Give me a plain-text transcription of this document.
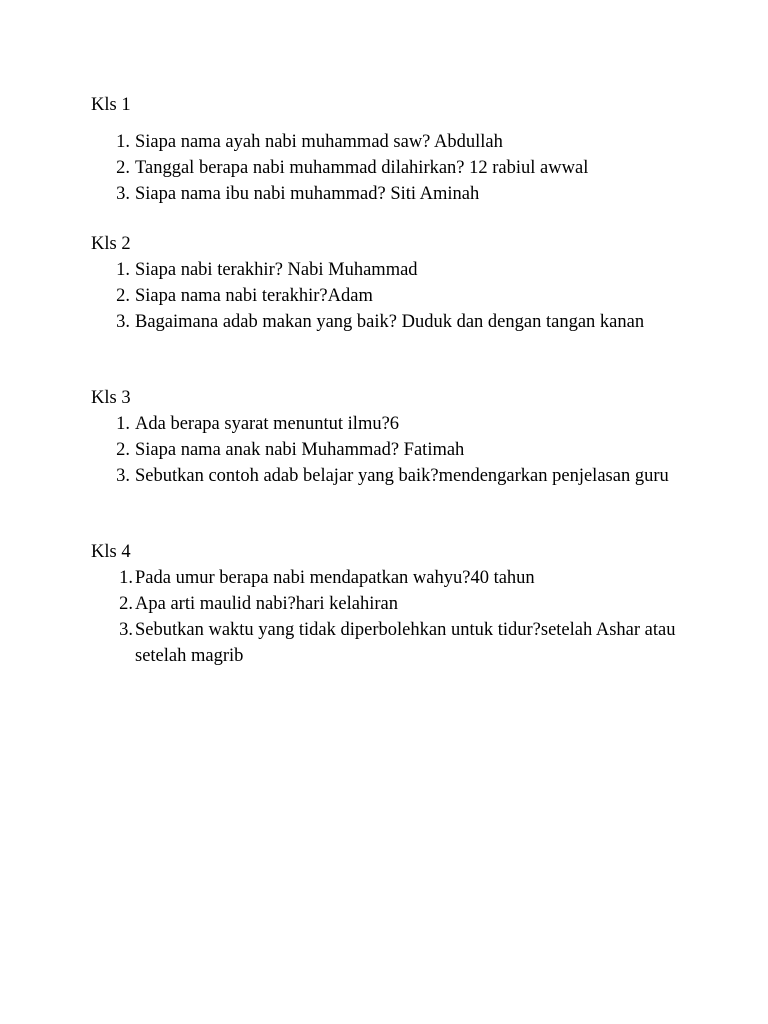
Kls 1
1. Siapa nama ayah nabi muhammad saw? Abdullah
2. Tanggal berapa nabi muhammad dilahirkan? 12 rabiul awwal
3. Siapa nama ibu nabi muhammad? Siti Aminah
Kls 2
1. Siapa nabi terakhir? Nabi Muhammad
2. Siapa nama nabi terakhir?Adam
3. Bagaimana adab makan yang baik? Duduk dan dengan tangan kanan
Kls 3
1. Ada berapa syarat menuntut ilmu?6
2. Siapa nama anak nabi Muhammad? Fatimah
3. Sebutkan contoh adab belajar yang baik?mendengarkan penjelasan guru
Kls 4
1. Pada umur berapa nabi mendapatkan wahyu?40 tahun
2. Apa arti maulid nabi?hari kelahiran
3. Sebutkan waktu yang tidak diperbolehkan untuk tidur?setelah Ashar atau setelah magrib
